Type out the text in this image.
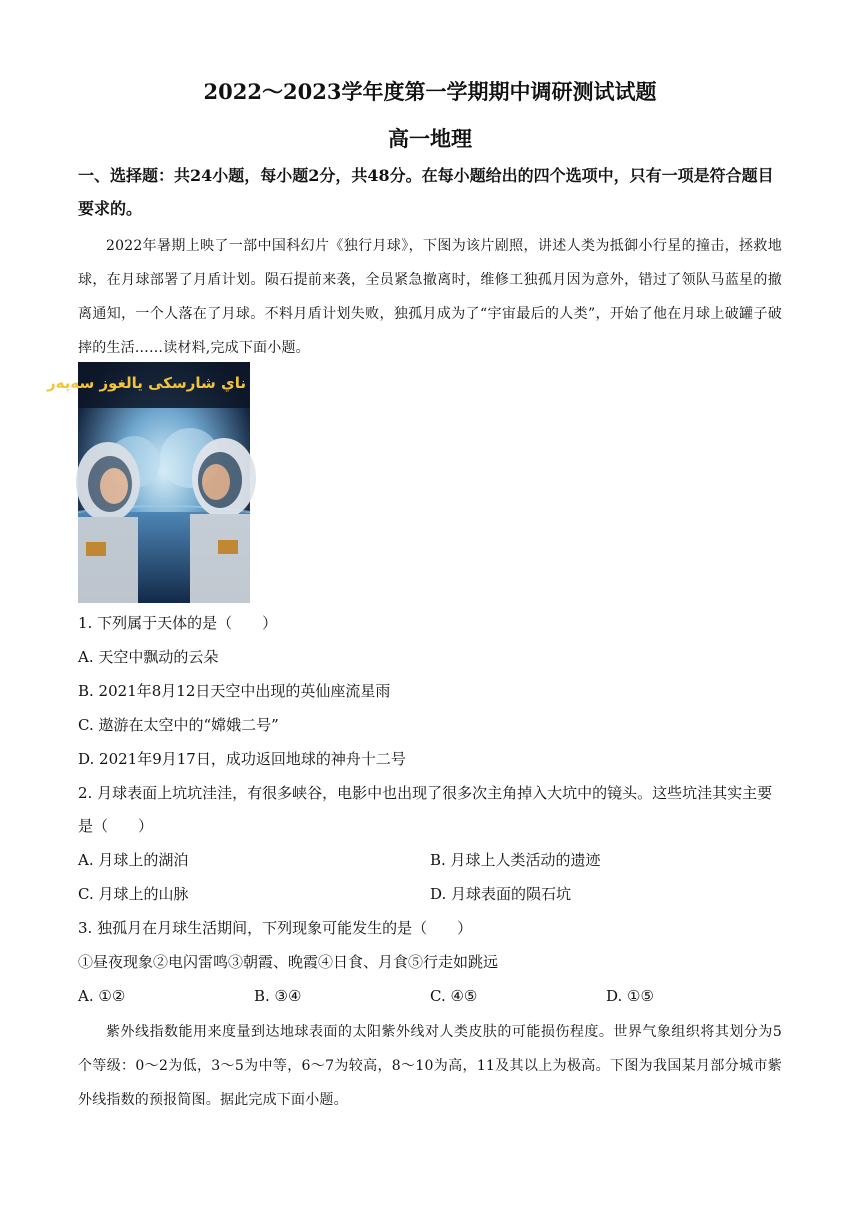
2022～2023学年度第一学期期中调研测试试题
高一地理
一、选择题：共24小题，每小题2分，共48分。在每小题给出的四个选项中，只有一项是符合题目要求的。
2022年暑期上映了一部中国科幻片《独行月球》，下图为该片剧照，讲述人类为抵御小行星的撞击，拯救地球，在月球部署了月盾计划。陨石提前来袭，全员紧急撤离时，维修工独孤月因为意外，错过了领队马蓝星的撤离通知，一个人落在了月球。不料月盾计划失败，独孤月成为了“宇宙最后的人类”，开始了他在月球上破罐子破摔的生活……读材料,完成下面小题。
ناي شارسكى يالغوز سەپەر
1. 下列属于天体的是（　　）
A. 天空中飘动的云朵
B. 2021年8月12日天空中出现的英仙座流星雨
C. 遨游在太空中的“嫦娥二号”
D. 2021年9月17日，成功返回地球的神舟十二号
2. 月球表面上坑坑洼洼，有很多峡谷，电影中也出现了很多次主角掉入大坑中的镜头。这些坑洼其实主要
是（　　）
A. 月球上的湖泊	B. 月球上人类活动的遗迹
C. 月球上的山脉	D. 月球表面的陨石坑
3. 独孤月在月球生活期间，下列现象可能发生的是（　　）
①昼夜现象②电闪雷鸣③朝霞、晚霞④日食、月食⑤行走如跳远
A. ①②	B. ③④	C. ④⑤	D. ①⑤
紫外线指数能用来度量到达地球表面的太阳紫外线对人类皮肤的可能损伤程度。世界气象组织将其划分为5个等级：0～2为低，3～5为中等，6～7为较高，8～10为高，11及其以上为极高。下图为我国某月部分城市紫外线指数的预报简图。据此完成下面小题。
